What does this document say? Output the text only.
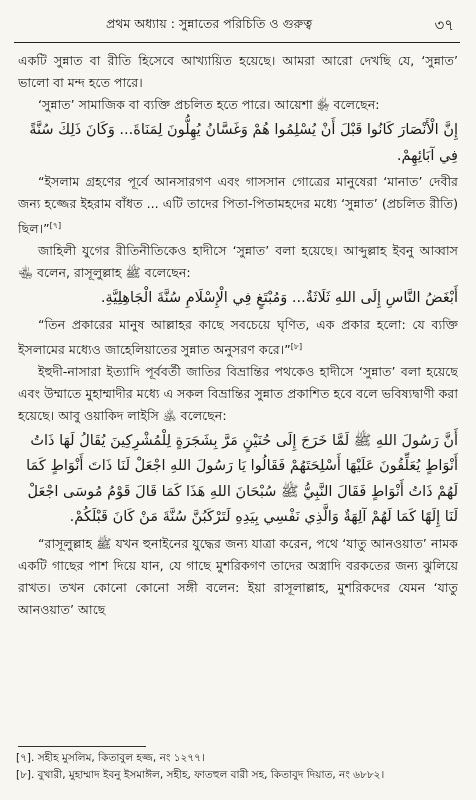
প্রথম অধ্যায় : সুন্নাতের পরিচিতি ও গুরুত্ব	৩৭

একটি সুন্নাত বা রীতি হিসেবে আখ্যায়িত হয়েছে। আমরা আরো দেখছি যে, ‘সুন্নাত’ ভালো বা মন্দ হতে পারে।

‘সুন্নাত’ সামাজিক বা ব্যক্তি প্রচলিত হতে পারে। আয়েশা ﵂ বলেছেন:

إِنَّ الْأَنْصَارَ كَانُوا قَبْلَ أَنْ يُسْلِمُوا هُمْ وَغَسَّانُ يُهِلُّونَ لِمَنَاةَ... وَكَانَ ذَلِكَ سُنَّةً فِي آبَائِهِمْ.

“ইসলাম গ্রহণের পূর্বে আনসারগণ এবং গাসসান গোত্রের মানুষেরা ‘মানাত’ দেবীর জন্য হজ্জের ইহরাম বাঁধত ... এটি তাদের পিতা-পিতামহদের মধ্যে ‘সুন্নাত’ (প্রচলিত রীতি) ছিল।”[৭]

জাহিলী যুগের রীতিনীতিকেও হাদীসে ‘সুন্নাত’ বলা হয়েছে। আব্দুল্লাহ ইবনু আব্বাস ﵄ বলেন, রাসূলুল্লাহ ﷺ বলেছেন:

أَبْغَضُ النَّاسِ إِلَى اللهِ ثَلَاثَةٌ... وَمُبْتَغٍ فِي الْإِسْلَامِ سُنَّةَ الْجَاهِلِيَّةِ.

“তিন প্রকারের মানুষ আল্লাহর কাছে সবচেয়ে ঘৃণিত, এক প্রকার হলো: যে ব্যক্তি ইসলামের মধ্যেও জাহেলিয়াতের সুন্নাত অনুসরণ করে।”[৮]

ইহুদী-নাসারা ইত্যাদি পূর্ববর্তী জাতির বিভ্রান্তির পথকেও হাদীসে ‘সুন্নাত’ বলা হয়েছে এবং উম্মাতে মুহাম্মাদীর মধ্যে এ সকল বিভ্রান্তির সুন্নাত প্রকাশিত হবে বলে ভবিষ্যদ্বাণী করা হয়েছে। আবু ওয়াকিদ লাইসি ﵁ বলেছেন:

أَنَّ رَسُولَ اللهِ ﷺ لَمَّا خَرَجَ إِلَى حُنَيْنٍ مَرَّ بِشَجَرَةٍ لِلْمُشْرِكِينَ يُقَالُ لَهَا ذَاتُ أَنْوَاطٍ يُعَلِّقُونَ عَلَيْهَا أَسْلِحَتَهُمْ فَقَالُوا يَا رَسُولَ اللهِ اجْعَلْ لَنَا ذَاتَ أَنْوَاطٍ كَمَا لَهُمْ ذَاتُ أَنْوَاطٍ فَقَالَ النَّبِيُّ ﷺ سُبْحَانَ اللهِ هَذَا كَمَا قَالَ قَوْمُ مُوسَى اجْعَلْ لَنَا إِلَهًا كَمَا لَهُمْ آلِهَةٌ وَالَّذِي نَفْسِي بِيَدِهِ لَتَرْكَبُنَّ سُنَّةَ مَنْ كَانَ قَبْلَكُمْ.

“রাসূলুল্লাহ ﷺ যখন হুনাইনের যুদ্ধের জন্য যাত্রা করেন, পথে ‘যাতু আনওয়াত’ নামক একটি গাছের পাশ দিয়ে যান, যে গাছে মুশরিকগণ তাদের অস্ত্রাদি বরকতের জন্য ঝুলিয়ে রাখত। তখন কোনো কোনো সঙ্গী বলেন: ইয়া রাসূলাল্লাহ, মুশরিকদের যেমন ‘যাতু আনওয়াত’ আছে

[৭]. সহীহ মুসলিম, কিতাবুল হজ্জ, নং ১২৭৭।
[৮]. বুখারী, মুহাম্মাদ ইবনু ইসমাঈল, সহীহ, ফাতহুল বারী সহ, কিতাবুদ দিয়াত, নং ৬৮৮২।
